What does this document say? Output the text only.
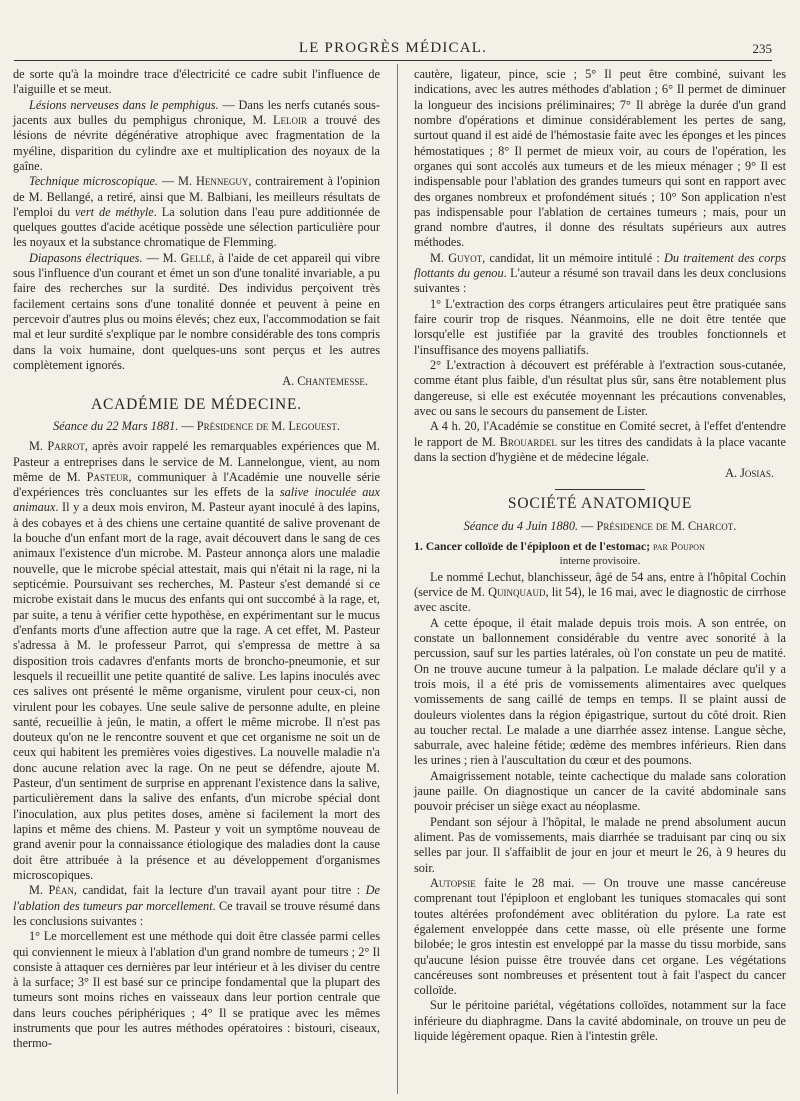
LE PROGRÈS MÉDICAL.	235

de sorte qu'à la moindre trace d'électricité ce cadre subit l'influence de l'aiguille et se meut.

Lésions nerveuses dans le pemphigus. — Dans les nerfs cutanés sous-jacents aux bulles du pemphigus chronique, M. Leloir a trouvé des lésions de névrite dégénérative atrophique avec fragmentation de la myéline, disparition du cylindre axe et multiplication des noyaux de la gaîne.

Technique microscopique. — M. Henneguy, contrairement à l'opinion de M. Bellangé, a retiré, ainsi que M. Balbiani, les meilleurs résultats de l'emploi du vert de méthyle. La solution dans l'eau pure additionnée de quelques gouttes d'acide acétique possède une sélection particulière pour les noyaux et la substance chromatique de Flemming.

Diapasons électriques. — M. Gellé, à l'aide de cet appareil qui vibre sous l'influence d'un courant et émet un son d'une tonalité invariable, a pu faire des recherches sur la surdité. Des individus perçoivent très facilement certains sons d'une tonalité donnée et peuvent à peine en percevoir d'autres plus ou moins élevés; chez eux, l'accommodation se fait mal et leur surdité s'explique par le nombre considérable des tons compris dans la voix humaine, dont quelques-uns sont perçus et les autres complètement ignorés.

A. Chantemesse.

ACADÉMIE DE MÉDECINE.
Séance du 22 Mars 1881. — Présidence de M. Legouest.

M. Parrot, après avoir rappelé les remarquables expériences que M. Pasteur a entreprises dans le service de M. Lannelongue, vient, au nom même de M. Pasteur, communiquer à l'Académie une nouvelle série d'expériences très concluantes sur les effets de la salive inoculée aux animaux. Il y a deux mois environ, M. Pasteur ayant inoculé à des lapins, à des cobayes et à des chiens une certaine quantité de salive provenant de la bouche d'un enfant mort de la rage, avait découvert dans le sang de ces animaux l'existence d'un microbe. M. Pasteur annonça alors une maladie nouvelle, que le microbe spécial attestait, mais qui n'était ni la rage, ni la septicémie. Poursuivant ses recherches, M. Pasteur s'est demandé si ce microbe existait dans le mucus des enfants qui ont succombé à la rage, et, par suite, a tenu à vérifier cette hypothèse, en expérimentant sur le mucus d'enfants morts d'une affection autre que la rage. A cet effet, M. Pasteur s'adressa à M. le professeur Parrot, qui s'empressa de mettre à sa disposition trois cadavres d'enfants morts de broncho-pneumonie, et sur lesquels il recueillit une petite quantité de salive. Les lapins inoculés avec ces salives ont présenté le même organisme, virulent pour ceux-ci, non virulent pour les cobayes. Une seule salive de personne adulte, en pleine santé, recueillie à jeûn, le matin, a offert le même microbe. Il n'est pas douteux qu'on ne le rencontre souvent et que cet organisme ne soit un de ceux qui habitent les premières voies digestives. La nouvelle maladie n'a donc aucune relation avec la rage. On ne peut se défendre, ajoute M. Pasteur, d'un sentiment de surprise en apprenant l'existence dans la salive, particulièrement dans la salive des enfants, d'un microbe spécial dont l'inoculation, aux plus petites doses, amène si facilement la mort des lapins et même des chiens. M. Pasteur y voit un symptôme nouveau de grand avenir pour la connaissance étiologique des maladies dont la cause doit être attribuée à la présence et au développement d'organismes microscopiques.

M. Péan, candidat, fait la lecture d'un travail ayant pour titre : De l'ablation des tumeurs par morcellement. Ce travail se trouve résumé dans les conclusions suivantes :

1° Le morcellement est une méthode qui doit être classée parmi celles qui conviennent le mieux à l'ablation d'un grand nombre de tumeurs ; 2° Il consiste à attaquer ces dernières par leur intérieur et à les diviser du centre à la surface; 3° Il est basé sur ce principe fondamental que la plupart des tumeurs sont moins riches en vaisseaux dans leur portion centrale que dans leurs couches périphériques ; 4° Il se pratique avec les mêmes instruments que pour les autres méthodes opératoires : bistouri, ciseaux, thermo-

cautère, ligateur, pince, scie ; 5° Il peut être combiné, suivant les indications, avec les autres méthodes d'ablation ; 6° Il permet de diminuer la longueur des incisions préliminaires; 7° Il abrège la durée d'un grand nombre d'opérations et diminue considérablement les pertes de sang, surtout quand il est aidé de l'hémostasie faite avec les éponges et les pinces hémostatiques ; 8° Il permet de mieux voir, au cours de l'opération, les organes qui sont accolés aux tumeurs et de les mieux ménager ; 9° Il est indispensable pour l'ablation des grandes tumeurs qui sont en rapport avec des organes nombreux et profondément situés ; 10° Son application n'est pas indispensable pour l'ablation de certaines tumeurs ; mais, pour un grand nombre d'autres, il donne des résultats supérieurs aux autres méthodes.

M. Guyot, candidat, lit un mémoire intitulé : Du traitement des corps flottants du genou. L'auteur a résumé son travail dans les deux conclusions suivantes :

1° L'extraction des corps étrangers articulaires peut être pratiquée sans faire courir trop de risques. Néanmoins, elle ne doit être tentée que lorsqu'elle est justifiée par la gravité des troubles fonctionnels et l'insuffisance des moyens palliatifs.

2° L'extraction à découvert est préférable à l'extraction sous-cutanée, comme étant plus faible, d'un résultat plus sûr, sans être notablement plus dangereuse, si elle est exécutée moyennant les précautions convenables, avec ou sans le secours du pansement de Lister.

A 4 h. 20, l'Académie se constitue en Comité secret, à l'effet d'entendre le rapport de M. Brouardel sur les titres des candidats à la place vacante dans la section d'hygiène et de médecine légale.

A. Josias.

SOCIÉTÉ ANATOMIQUE
Séance du 4 Juin 1880. — Présidence de M. Charcot.

1. Cancer colloïde de l'épiploon et de l'estomac; par Poupon

interne provisoire.

Le nommé Lechut, blanchisseur, âgé de 54 ans, entre à l'hôpital Cochin (service de M. Quinquaud, lit 54), le 16 mai, avec le diagnostic de cirrhose avec ascite.

A cette époque, il était malade depuis trois mois. A son entrée, on constate un ballonnement considérable du ventre avec sonorité à la percussion, sauf sur les parties latérales, où l'on constate un peu de matité. On ne trouve aucune tumeur à la palpation. Le malade déclare qu'il y a trois mois, il a été pris de vomissements alimentaires avec quelques vomissements de sang caillé de temps en temps. Il se plaint aussi de douleurs violentes dans la région épigastrique, surtout du côté droit. Rien au toucher rectal. Le malade a une diarrhée assez intense. Langue sèche, saburrale, avec haleine fétide; œdème des membres inférieurs. Rien dans les urines ; rien à l'auscultation du cœur et des poumons.

Amaigrissement notable, teinte cachectique du malade sans coloration jaune paille. On diagnostique un cancer de la cavité abdominale sans pouvoir préciser un siège exact au néoplasme.

Pendant son séjour à l'hôpital, le malade ne prend absolument aucun aliment. Pas de vomissements, mais diarrhée se traduisant par cinq ou six selles par jour. Il s'affaiblit de jour en jour et meurt le 26, à 9 heures du soir.

Autopsie faite le 28 mai. — On trouve une masse cancéreuse comprenant tout l'épiploon et englobant les tuniques stomacales qui sont toutes altérées profondément avec oblitération du pylore. La rate est également enveloppée dans cette masse, où elle présente une forme bilobée; le gros intestin est enveloppé par la masse du tissu morbide, sans qu'aucune lésion puisse être trouvée dans cet organe. Les végétations cancéreuses sont nombreuses et présentent tout à fait l'aspect du cancer colloïde.

Sur le péritoine pariétal, végétations colloïdes, notamment sur la face inférieure du diaphragme. Dans la cavité abdominale, on trouve un peu de liquide légèrement opaque. Rien à l'intestin grêle.
